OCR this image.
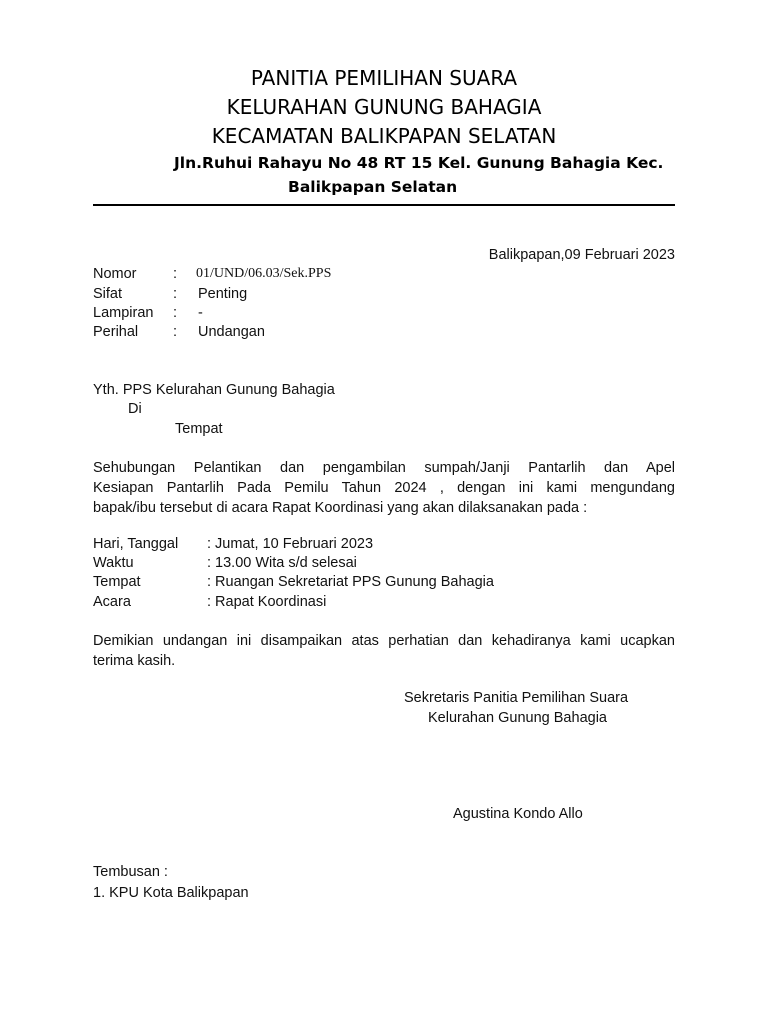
PANITIA PEMILIHAN SUARA
KELURAHAN GUNUNG BAHAGIA
KECAMATAN BALIKPAPAN SELATAN
Jln.Ruhui Rahayu No 48 RT 15 Kel. Gunung Bahagia Kec.
Balikpapan Selatan
Balikpapan,09 Februari 2023
Nomor	: 01/UND/06.03/Sek.PPS
Sifat	: Penting
Lampiran : -
Perihal : Undangan
Yth. PPS Kelurahan Gunung Bahagia
Di
Tempat
Sehubungan Pelantikan dan pengambilan sumpah/Janji Pantarlih dan Apel
Kesiapan Pantarlih Pada Pemilu Tahun 2024 , dengan ini kami mengundang
bapak/ibu tersebut di acara Rapat Koordinasi yang akan dilaksanakan pada :
Hari, Tanggal : Jumat, 10 Februari 2023
Waktu	: 13.00 Wita s/d selesai
Tempat	: Ruangan Sekretariat PPS Gunung Bahagia
Acara	: Rapat Koordinasi
Demikian undangan ini disampaikan atas perhatian dan kehadiranya kami ucapkan
terima kasih.
Sekretaris Panitia Pemilihan Suara
Kelurahan Gunung Bahagia
Agustina Kondo Allo
Tembusan :
1. KPU Kota Balikpapan
